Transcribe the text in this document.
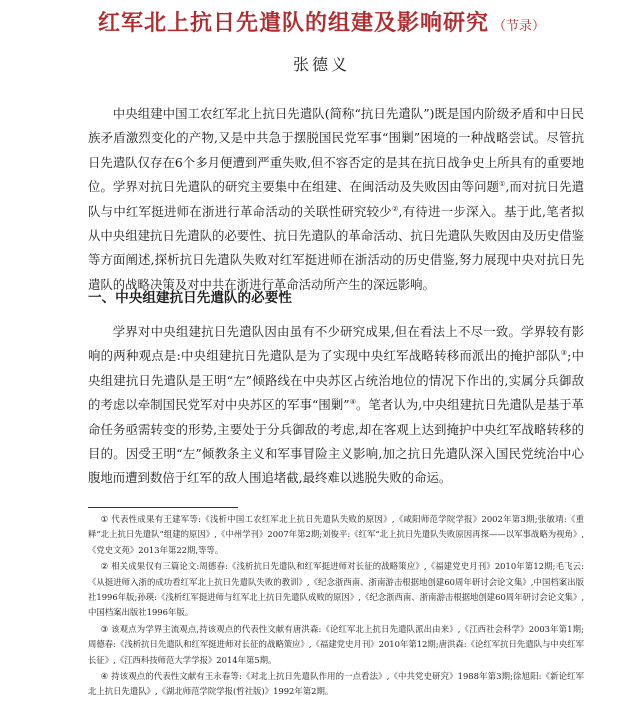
红军北上抗日先遣队的组建及影响研究 （节录）
张德义

中央组建中国工农红军北上抗日先遣队(简称“抗日先遣队”)既是国内阶级矛盾和中日民族矛盾激烈变化的产物,又是中共急于摆脱国民党军事“围剿”困境的一种战略尝试。尽管抗日先遣队仅存在6个多月便遭到严重失败,但不容否定的是其在抗日战争史上所具有的重要地位。学界对抗日先遣队的研究主要集中在组建、在闽活动及失败因由等问题①,而对抗日先遣队与中红军挺进师在浙进行革命活动的关联性研究较少②,有待进一步深入。基于此,笔者拟从中央组建抗日先遣队的必要性、抗日先遣队的革命活动、抗日先遣队失败因由及历史借鉴等方面阐述,探析抗日先遣队失败对红军挺进师在浙活动的历史借鉴,努力展现中央对抗日先遣队的战略决策及对中共在浙进行革命活动所产生的深远影响。

一、中央组建抗日先遣队的必要性

学界对中央组建抗日先遣队因由虽有不少研究成果,但在看法上不尽一致。学界较有影响的两种观点是:中央组建抗日先遣队是为了实现中央红军战略转移而派出的掩护部队③;中央组建抗日先遣队是王明“左”倾路线在中央苏区占统治地位的情况下作出的,实属分兵御敌的考虑以牵制国民党军对中央苏区的军事“围剿”④。笔者认为,中央组建抗日先遣队是基于革命任务亟需转变的形势,主要处于分兵御敌的考虑,却在客观上达到掩护中央红军战略转移的目的。因受王明“左”倾教条主义和军事冒险主义影响,加之抗日先遣队深入国民党统治中心腹地而遭到数倍于红军的敌人围追堵截,最终难以逃脱失败的命运。

① 代表性成果有王建军等:《浅析中国工农红军北上抗日先遣队失败的原因》,《咸阳师范学院学报》2002年第3期;张敏靖:《重释“北上抗日先遣队”组建的原因》,《中州学刊》2007年第2期;刘俊平:《红军“北上抗日先遣队失败原因再探——以军事战略为视角》,《党史文苑》2013年第22期,等等。

② 相关成果仅有三篇论文:周德春:《浅析抗日先遣队和红军挺进师对长征的战略策应》,《福建党史月刊》2010年第12期;毛飞云:《从挺进师入浙的成功看红军北上抗日先遣队失败的教训》,《纪念浙西南、浙南游击根据地创建60周年研讨会论文集》,中国档案出版社1996年版;孙瑛:《浅析红军挺进师与红军北上抗日先遣队成败的原因》,《纪念浙西南、浙南游击根据地创建60周年研讨会论文集》,中国档案出版社1996年版。

③ 该观点为学界主流观点,持该观点的代表性文献有唐洪森:《论红军北上抗日先遣队派出由来》,《江西社会科学》2003年第1期;周德春:《浅析抗日先遣队和红军挺进师对长征的战略策应》,《福建党史月刊》2010年第12期;唐洪森:《论红军抗日先遣队与中央红军长征》,《江西科技师范大学学报》2014年第5期。

④ 持该观点的代表性文献有王永春等:《对北上抗日先遣队作用的一点看法》,《中共党史研究》1988年第3期;徐旭阳:《新论红军北上抗日先遣队》,《湖北师范学院学报(哲社版)》1992年第2期。
